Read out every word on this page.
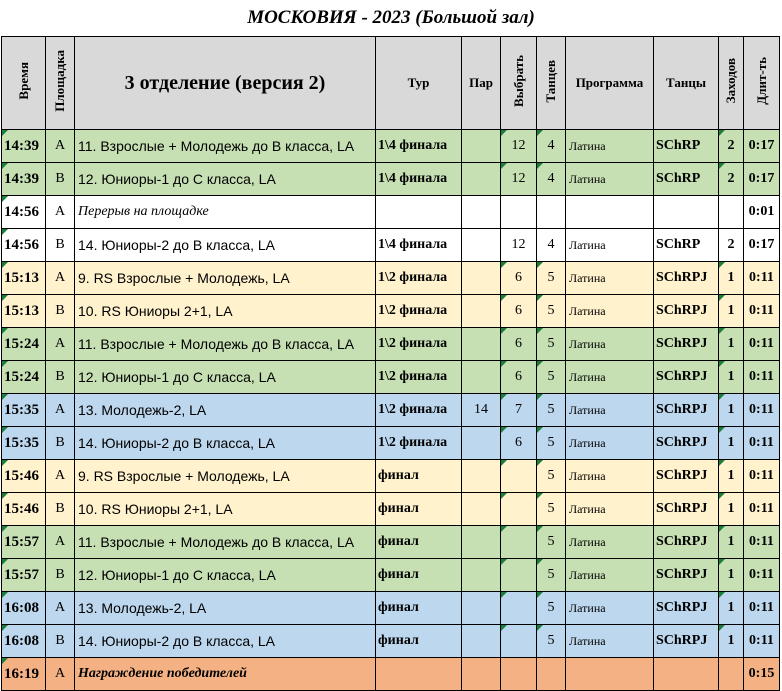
МОСКОВИЯ - 2023 (Большой зал)
Время	Площадка	3 отделение (версия 2)	Тур	Пар	Выбрать	Танцев	Программа	Танцы	Заходов	Длит-ть
14:39	A	11. Взрослые + Молодежь до B класса, LA	1\4 финала		12	4	Латина	SChRP	2	0:17
14:39	B	12. Юниоры-1 до C класса, LA	1\4 финала		12	4	Латина	SChRP	2	0:17
14:56	A	Перерыв на площадке								0:01
14:56	B	14. Юниоры-2 до B класса, LA	1\4 финала		12	4	Латина	SChRP	2	0:17
15:13	A	9. RS Взрослые + Молодежь, LA	1\2 финала		6	5	Латина	SChRPJ	1	0:11
15:13	B	10. RS Юниоры 2+1, LA	1\2 финала		6	5	Латина	SChRPJ	1	0:11
15:24	A	11. Взрослые + Молодежь до B класса, LA	1\2 финала		6	5	Латина	SChRPJ	1	0:11
15:24	B	12. Юниоры-1 до C класса, LA	1\2 финала		6	5	Латина	SChRPJ	1	0:11
15:35	A	13. Молодежь-2, LA	1\2 финала	14	7	5	Латина	SChRPJ	1	0:11
15:35	B	14. Юниоры-2 до B класса, LA	1\2 финала		6	5	Латина	SChRPJ	1	0:11
15:46	A	9. RS Взрослые + Молодежь, LA	финал			5	Латина	SChRPJ	1	0:11
15:46	B	10. RS Юниоры 2+1, LA	финал			5	Латина	SChRPJ	1	0:11
15:57	A	11. Взрослые + Молодежь до B класса, LA	финал			5	Латина	SChRPJ	1	0:11
15:57	B	12. Юниоры-1 до C класса, LA	финал			5	Латина	SChRPJ	1	0:11
16:08	A	13. Молодежь-2, LA	финал			5	Латина	SChRPJ	1	0:11
16:08	B	14. Юниоры-2 до B класса, LA	финал			5	Латина	SChRPJ	1	0:11
16:19	A	Награждение победителей								0:15
